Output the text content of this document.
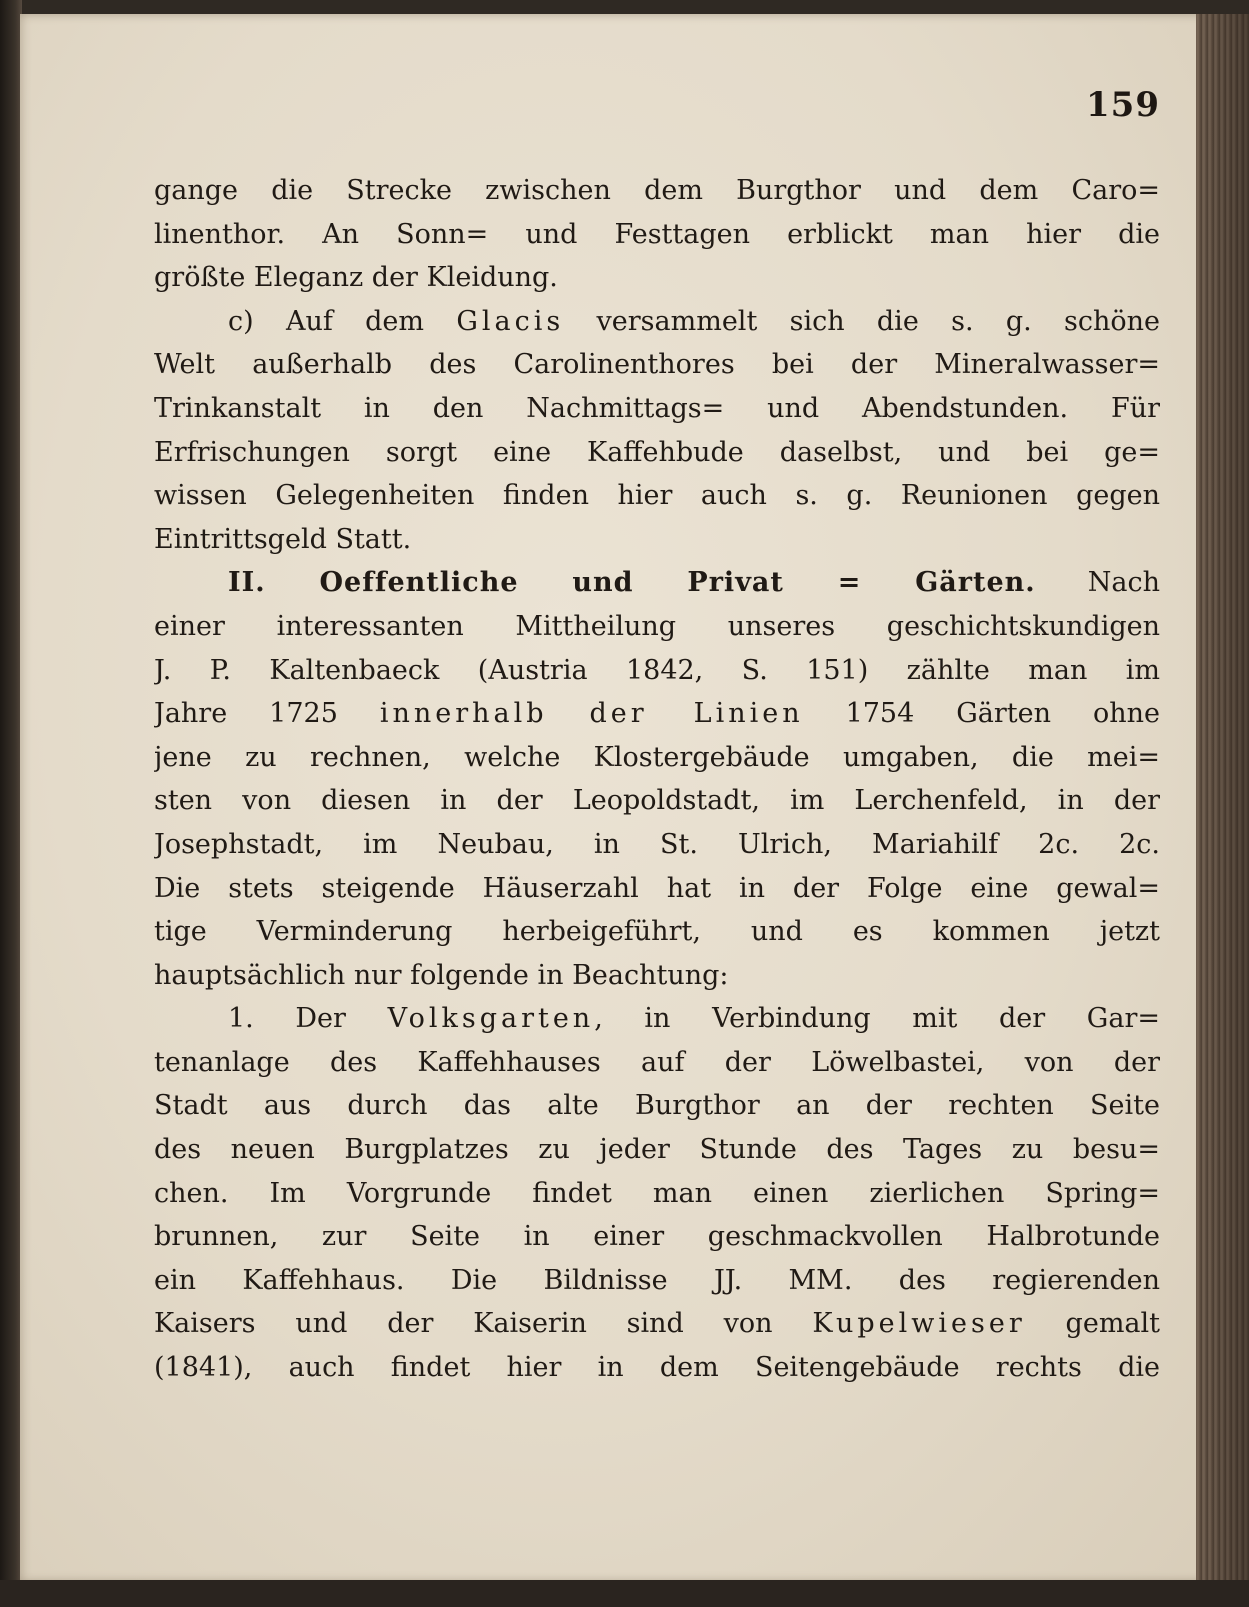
159
gange die Strecke zwischen dem Burgthor und dem Caro=
linenthor. An Sonn= und Festtagen erblickt man hier die
größte Eleganz der Kleidung.
c) Auf dem Glacis versammelt sich die s. g. schöne
Welt außerhalb des Carolinenthores bei der Mineralwasser=
Trinkanstalt in den Nachmittags= und Abendstunden. Für
Erfrischungen sorgt eine Kaffehbude daselbst, und bei ge=
wissen Gelegenheiten finden hier auch s. g. Reunionen gegen
Eintrittsgeld Statt.
II. Oeffentliche und Privat = Gärten. Nach
einer interessanten Mittheilung unseres geschichtskundigen
J. P. Kaltenbaeck (Austria 1842, S. 151) zählte man im
Jahre 1725 innerhalb der Linien 1754 Gärten ohne
jene zu rechnen, welche Klostergebäude umgaben, die mei=
sten von diesen in der Leopoldstadt, im Lerchenfeld, in der
Josephstadt, im Neubau, in St. Ulrich, Mariahilf 2c. 2c.
Die stets steigende Häuserzahl hat in der Folge eine gewal=
tige Verminderung herbeigeführt, und es kommen jetzt
hauptsächlich nur folgende in Beachtung:
1. Der Volksgarten, in Verbindung mit der Gar=
tenanlage des Kaffehhauses auf der Löwelbastei, von der
Stadt aus durch das alte Burgthor an der rechten Seite
des neuen Burgplatzes zu jeder Stunde des Tages zu besu=
chen. Im Vorgrunde findet man einen zierlichen Spring=
brunnen, zur Seite in einer geschmackvollen Halbrotunde
ein Kaffehhaus. Die Bildnisse JJ. MM. des regierenden
Kaisers und der Kaiserin sind von Kupelwieser gemalt
(1841), auch findet hier in dem Seitengebäude rechts die
